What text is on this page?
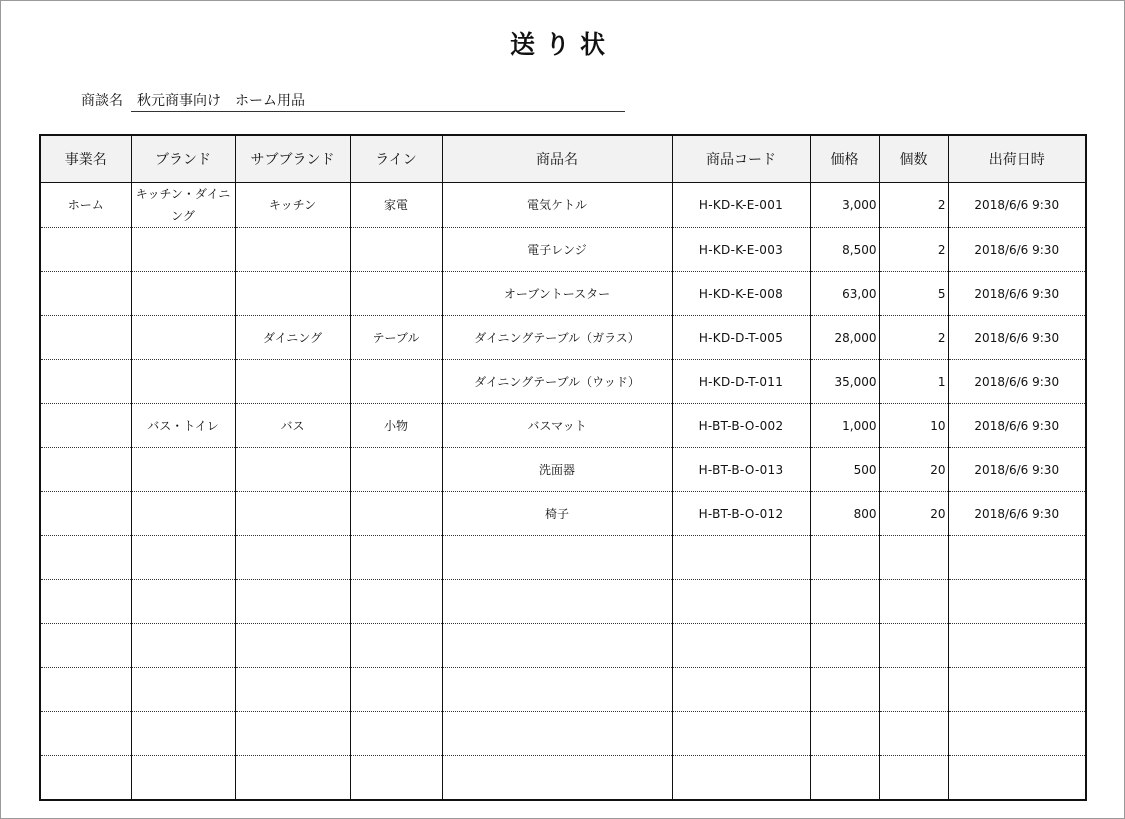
送り状
商談名 秋元商事向け　ホーム用品
事業名	ブランド	サブブランド	ライン	商品名	商品コード	価格	個数	出荷日時
ホーム	キッチン・ダイニング	キッチン	家電	電気ケトル	H-KD-K-E-001	3,000	2	2018/6/6 9:30
				電子レンジ	H-KD-K-E-003	8,500	2	2018/6/6 9:30
				オーブントースター	H-KD-K-E-008	63,00	5	2018/6/6 9:30
		ダイニング	テーブル	ダイニングテーブル（ガラス）	H-KD-D-T-005	28,000	2	2018/6/6 9:30
				ダイニングテーブル（ウッド）	H-KD-D-T-011	35,000	1	2018/6/6 9:30
	バス・トイレ	バス	小物	バスマット	H-BT-B-O-002	1,000	10	2018/6/6 9:30
				洗面器	H-BT-B-O-013	500	20	2018/6/6 9:30
				椅子	H-BT-B-O-012	800	20	2018/6/6 9:30
